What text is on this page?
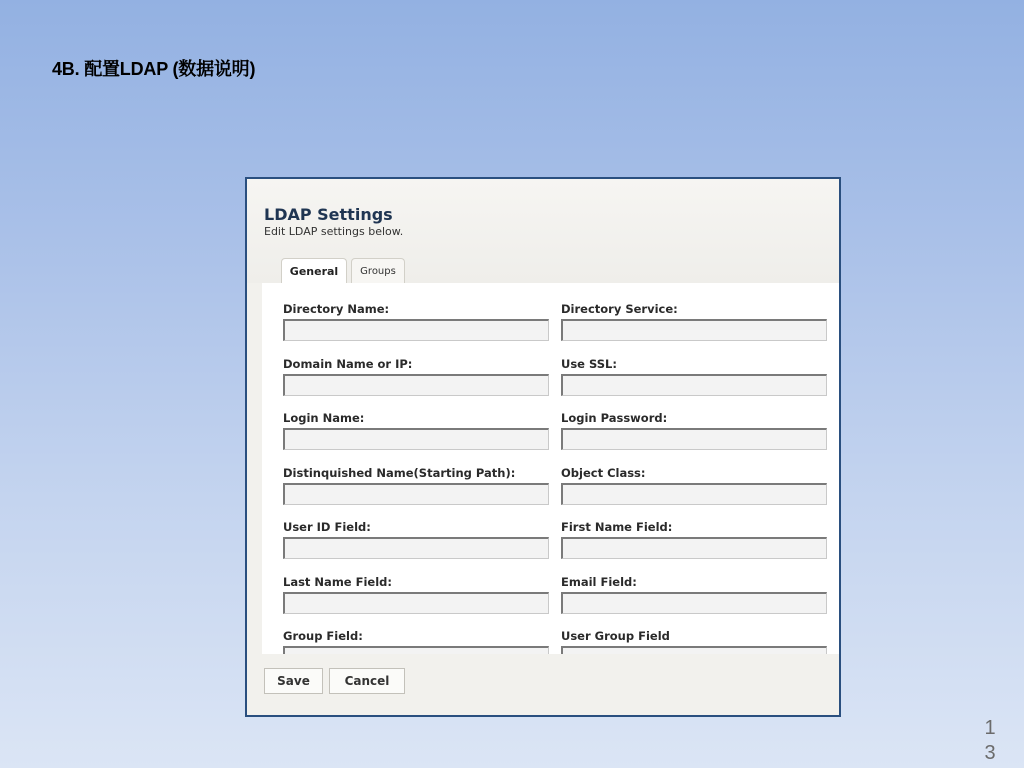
4B. 配置LDAP (数据说明)
LDAP Settings
Edit LDAP settings below.
General	Groups
Directory Name:	Directory Service:
Domain Name or IP:	Use SSL:
Login Name:	Login Password:
Distinquished Name(Starting Path):	Object Class:
User ID Field:	First Name Field:
Last Name Field:	Email Field:
Group Field:	User Group Field
Save	Cancel
13
